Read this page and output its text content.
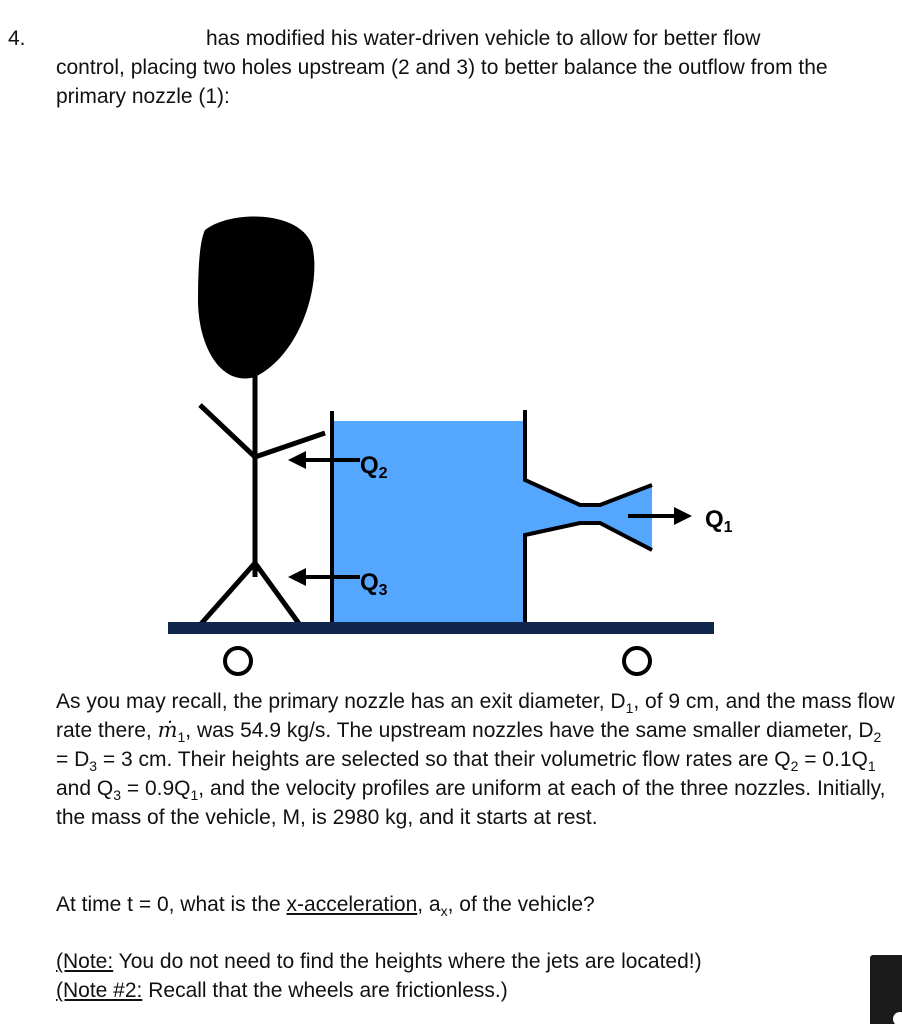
4.	has modified his water-driven vehicle to allow for better flow
control, placing two holes upstream (2 and 3) to better balance the outflow from the primary nozzle (1):
$Q_2$
$Q_3$
$Q_1$
As you may recall, the primary nozzle has an exit diameter, $D_1$, of 9 cm, and the mass flow rate there, ṁ$_1$, was 54.9 kg/s. The upstream nozzles have the same smaller diameter, $D_2 = D_3 = 3$ cm. Their heights are selected so that their volumetric flow rates are $Q_2 = 0.1Q_1$ and $Q_3 = 0.9Q_1$, and the velocity profiles are uniform at each of the three nozzles. Initially, the mass of the vehicle, M, is 2980 kg, and it starts at rest.
At time t = 0, what is the x-acceleration, $a_x$, of the vehicle?
(Note: You do not need to find the heights where the jets are located!)
(Note #2: Recall that the wheels are frictionless.)
